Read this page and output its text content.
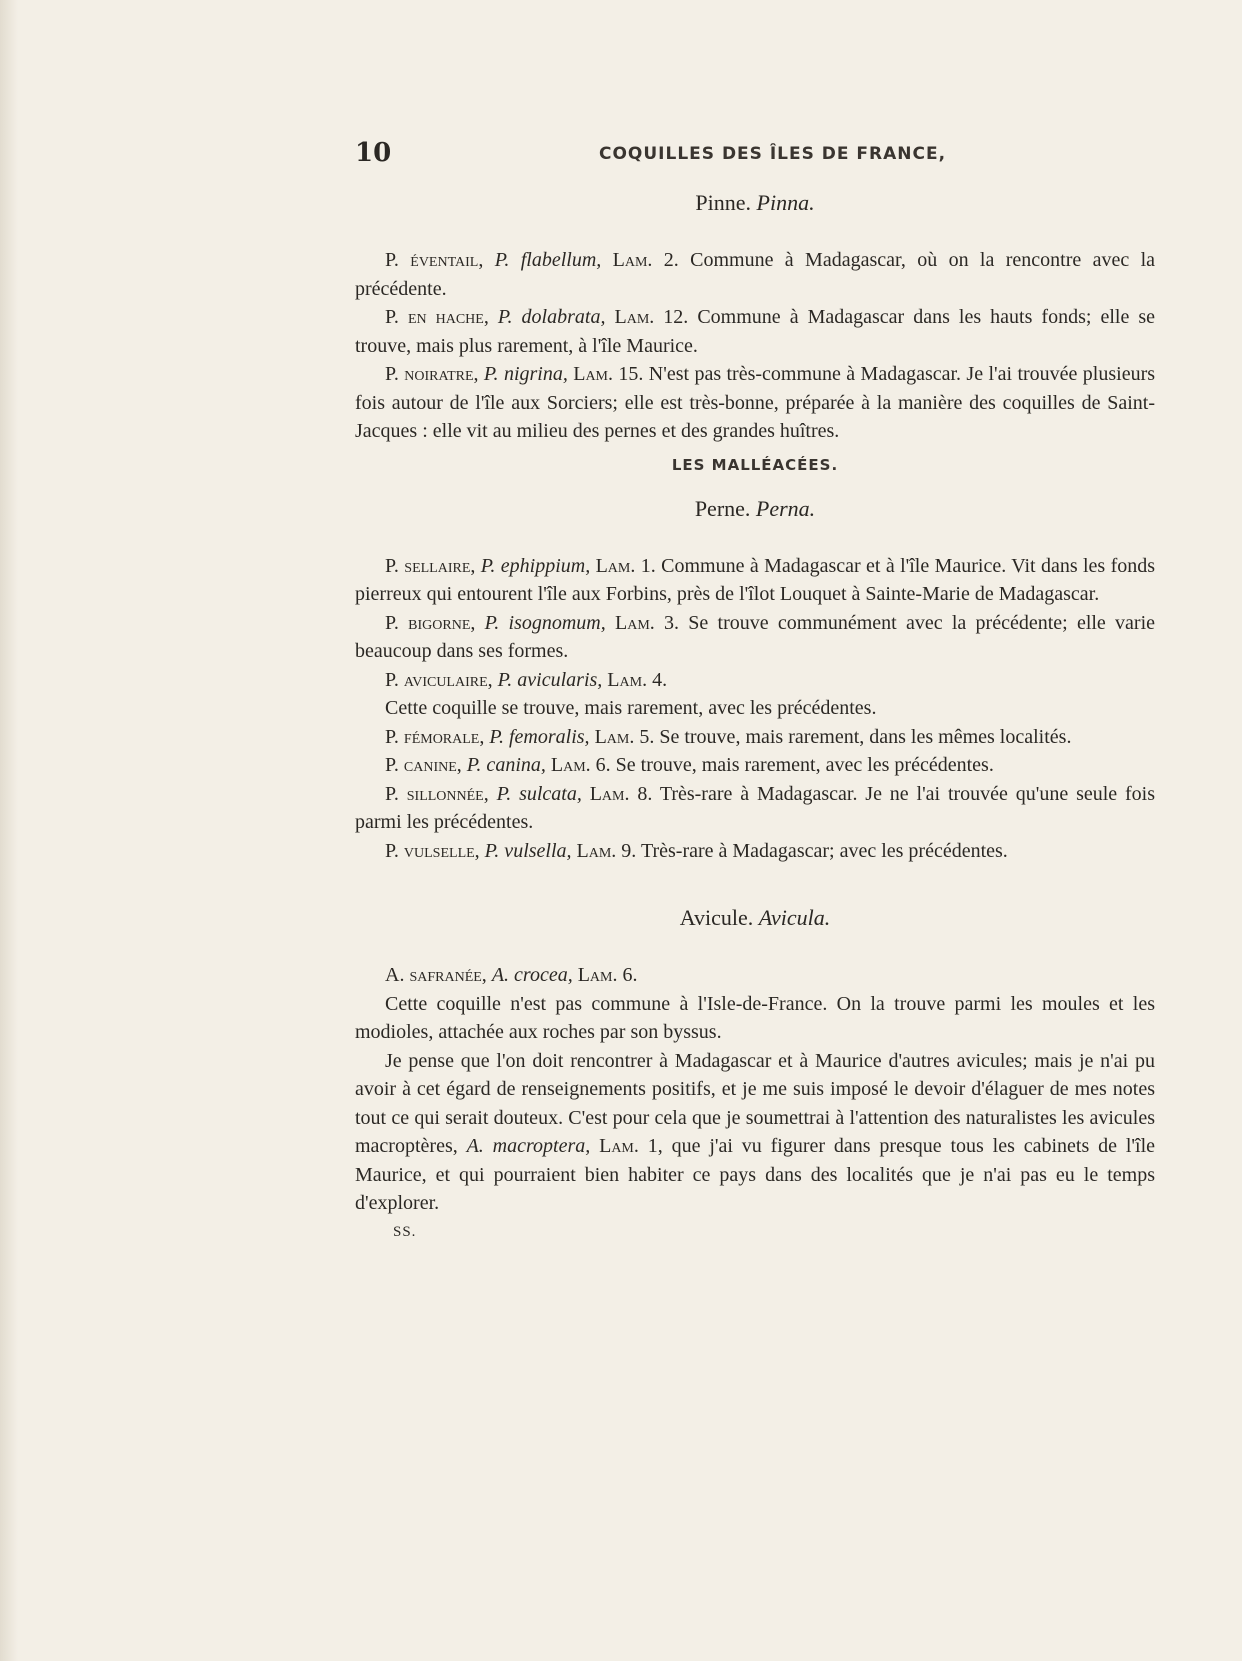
10	COQUILLES DES ÎLES DE FRANCE,
Pinne. Pinna.

P. éventail, P. flabellum, Lam. 2. Commune à Madagascar, où on la rencontre avec la précédente.

P. en hache, P. dolabrata, Lam. 12. Commune à Madagascar dans les hauts fonds; elle se trouve, mais plus rarement, à l'île Maurice.

P. noiratre, P. nigrina, Lam. 15. N'est pas très-commune à Madagascar. Je l'ai trouvée plusieurs fois autour de l'île aux Sorciers; elle est très-bonne, préparée à la manière des coquilles de Saint-Jacques : elle vit au milieu des pernes et des grandes huîtres.

LES MALLÉACÉES.
Perne. Perna.

P. sellaire, P. ephippium, Lam. 1. Commune à Madagascar et à l'île Maurice. Vit dans les fonds pierreux qui entourent l'île aux Forbins, près de l'îlot Louquet à Sainte-Marie de Madagascar.

P. bigorne, P. isognomum, Lam. 3. Se trouve communément avec la précédente; elle varie beaucoup dans ses formes.

P. aviculaire, P. avicularis, Lam. 4.

Cette coquille se trouve, mais rarement, avec les précédentes.

P. fémorale, P. femoralis, Lam. 5. Se trouve, mais rarement, dans les mêmes localités.

P. canine, P. canina, Lam. 6. Se trouve, mais rarement, avec les précédentes.

P. sillonnée, P. sulcata, Lam. 8. Très-rare à Madagascar. Je ne l'ai trouvée qu'une seule fois parmi les précédentes.

P. vulselle, P. vulsella, Lam. 9. Très-rare à Madagascar; avec les précédentes.

Avicule. Avicula.

A. safranée, A. crocea, Lam. 6.

Cette coquille n'est pas commune à l'Isle-de-France. On la trouve parmi les moules et les modioles, attachée aux roches par son byssus.

Je pense que l'on doit rencontrer à Madagascar et à Maurice d'autres avicules; mais je n'ai pu avoir à cet égard de renseignements positifs, et je me suis imposé le devoir d'élaguer de mes notes tout ce qui serait douteux. C'est pour cela que je soumettrai à l'attention des naturalistes les avicules macroptères, A. macroptera, Lam. 1, que j'ai vu figurer dans presque tous les cabinets de l'île Maurice, et qui pourraient bien habiter ce pays dans des localités que je n'ai pas eu le temps d'explorer.

SS.
